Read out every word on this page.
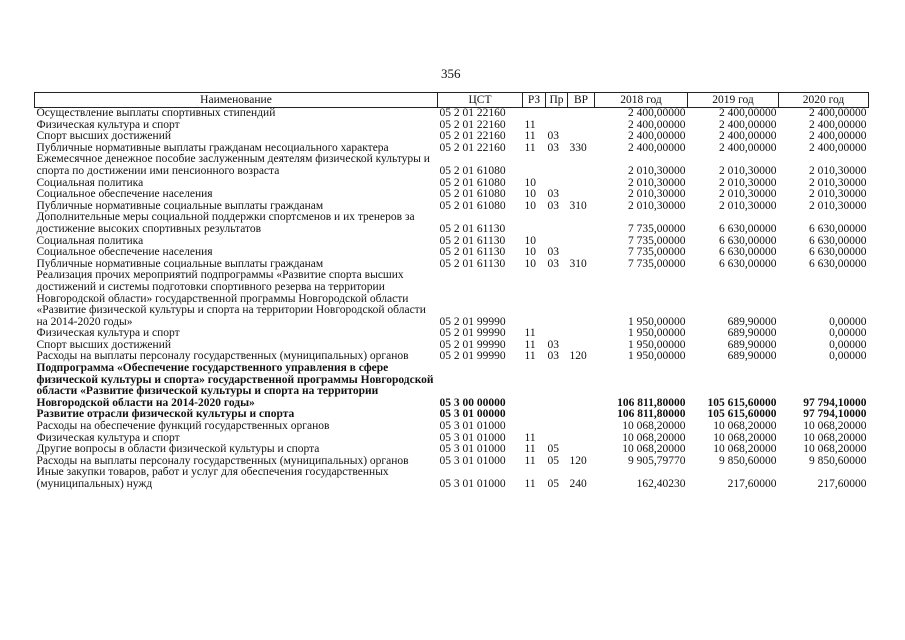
356
Наименование	ЦСТ	РЗ	Пр	ВР	2018 год	2019 год	2020 год
Осуществление выплаты спортивных стипендий	05 2 01 22160				2 400,00000	2 400,00000	2 400,00000
Физическая культура и спорт	05 2 01 22160	11			2 400,00000	2 400,00000	2 400,00000
Спорт высших достижений	05 2 01 22160	11	03		2 400,00000	2 400,00000	2 400,00000
Публичные нормативные выплаты гражданам несоциального характера	05 2 01 22160	11	03	330	2 400,00000	2 400,00000	2 400,00000
Ежемесячное денежное пособие заслуженным деятелям физической культуры и спорта по достижении ими пенсионного возраста	05 2 01 61080				2 010,30000	2 010,30000	2 010,30000
Социальная политика	05 2 01 61080	10			2 010,30000	2 010,30000	2 010,30000
Социальное обеспечение населения	05 2 01 61080	10	03		2 010,30000	2 010,30000	2 010,30000
Публичные нормативные социальные выплаты гражданам	05 2 01 61080	10	03	310	2 010,30000	2 010,30000	2 010,30000
Дополнительные меры социальной поддержки спортсменов и их тренеров за достижение высоких спортивных результатов	05 2 01 61130				7 735,00000	6 630,00000	6 630,00000
Социальная политика	05 2 01 61130	10			7 735,00000	6 630,00000	6 630,00000
Социальное обеспечение населения	05 2 01 61130	10	03		7 735,00000	6 630,00000	6 630,00000
Публичные нормативные социальные выплаты гражданам	05 2 01 61130	10	03	310	7 735,00000	6 630,00000	6 630,00000
Реализация прочих мероприятий подпрограммы «Развитие спорта высших достижений и системы подготовки спортивного резерва на территории Новгородской области» государственной программы Новгородской области «Развитие физической культуры и спорта на территории Новгородской области на 2014-2020 годы»	05 2 01 99990				1 950,00000	689,90000	0,00000
Физическая культура и спорт	05 2 01 99990	11			1 950,00000	689,90000	0,00000
Спорт высших достижений	05 2 01 99990	11	03		1 950,00000	689,90000	0,00000
Расходы на выплаты персоналу государственных (муниципальных) органов	05 2 01 99990	11	03	120	1 950,00000	689,90000	0,00000
Подпрограмма «Обеспечение государственного управления в сфере физической культуры и спорта» государственной программы Новгородской области «Развитие физической культуры и спорта на территории Новгородской области на 2014-2020 годы»	05 3 00 00000				106 811,80000	105 615,60000	97 794,10000
Развитие отрасли физической культуры и спорта	05 3 01 00000				106 811,80000	105 615,60000	97 794,10000
Расходы на обеспечение функций государственных органов	05 3 01 01000				10 068,20000	10 068,20000	10 068,20000
Физическая культура и спорт	05 3 01 01000	11			10 068,20000	10 068,20000	10 068,20000
Другие вопросы в области физической культуры и спорта	05 3 01 01000	11	05		10 068,20000	10 068,20000	10 068,20000
Расходы на выплаты персоналу государственных (муниципальных) органов	05 3 01 01000	11	05	120	9 905,79770	9 850,60000	9 850,60000
Иные закупки товаров, работ и услуг для обеспечения государственных (муниципальных) нужд	05 3 01 01000	11	05	240	162,40230	217,60000	217,60000
